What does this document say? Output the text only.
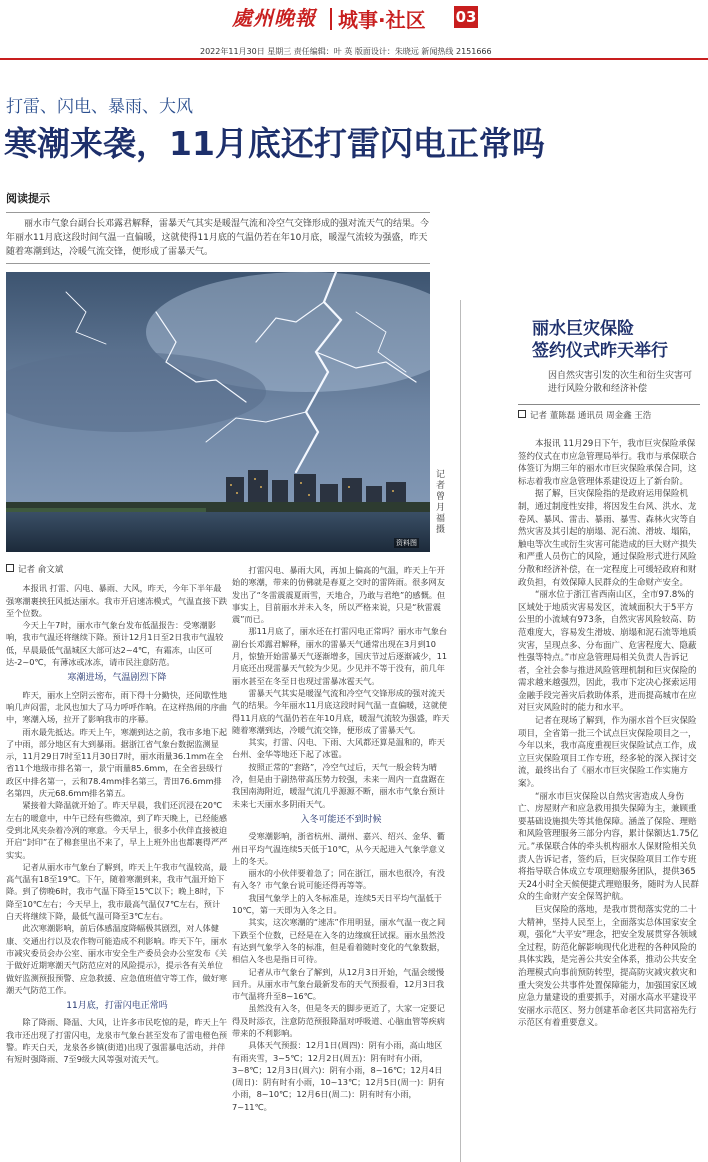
處州晚報 城事·社区 03
2022年11月30日 星期三 责任编辑：叶 英 版面设计：朱晓远 新闻热线 2151666
打雷、闪电、暴雨、大风
寒潮来袭，11月底还打雷闪电正常吗
阅读提示
丽水市气象台副台长邓露君解释，雷暴天气其实是暖湿气流和冷空气交锋形成的强对流天气的结果。今年丽水11月底这段时间气温一直偏暖，这就使得11月底的气温仍若在年10月底，暖湿气流较为强盛，昨天随着寒潮到达，冷暖气流交锋，便形成了雷暴天气。
资料图
记者 曾月福 摄
记者 俞文斌

本报讯 打雷、闪电、暴雨、大风，昨天，今年下半年最强寒潮裹挟狂风抵达丽水。我市开启速冻模式，气温直接下跌至个位数。

今天上午7时，丽水市气象台发布低温报告：受寒潮影响，我市气温还将继续下降。预计12月1日至2日我市气温较低，早晨最低气温城区大部可达2~4℃，有霜冻，山区可达-2~0℃，有薄冰或冰冻，请市民注意防范。

寒潮进场，气温剧烈下降

昨天，丽水上空阴云密布，雨下得十分勤快，还间歇性地响几声闷雷，北风也加大了马力呼呼作响。在这样热闹的序曲中，寒潮入场，拉开了影响我市的序幕。

雨水最先抵达。昨天上午，寒潮到达之前，我市多地下起了中雨，部分地区有大到暴雨。据浙江省气象台数据监测显示，11月29日7时至11月30日7时，丽水雨量36.1mm在全省11个地级市排名第一，景宁雨量85.6mm，在全省县级行政区中排名第一，云和78.4mm排名第三，青田76.6mm排名第四，庆元68.6mm排名第五。

紧接着大降温就开始了。昨天早晨，我们还沉浸在20℃左右的暖意中，中午已经有些微凉，到了昨天晚上，已经能感受到北风夹杂着冷冽的寒意。今天早上，很多小伙伴直接被迫开启“封印”在了棉套里出不来了，早上上班外出也都裹得严严实实。

记者从丽水市气象台了解到，昨天上午我市气温较高，最高气温有18至19℃。下午，随着寒潮到来，我市气温开始下降。到了傍晚6时，我市气温下降至15℃以下；晚上8时，下降至10℃左右；今天早上，我市最高气温仅7℃左右，预计白天将继续下降，最低气温可降至3℃左右。

此次寒潮影响，前后体感温度降幅极其剧烈，对人体健康、交通出行以及农作物可能造成不利影响。昨天下午，丽水市减灾委员会办公室、丽水市安全生产委员会办公室发布《关于做好近期寒潮天气防范应对的风险提示》，提示各有关单位做好监测预报预警、应急救援、应急值班值守等工作，做好寒潮天气防范工作。

11月底，打雷闪电正常吗

除了降雨、降温、大风，让许多市民吃惊的是，昨天上午我市还出现了打雷闪电，龙泉市气象台甚至发布了雷电橙色预警。昨天白天，龙泉各乡镇(街道)出现了强雷暴电活动，并伴有短时强降雨、7至9级大风等强对流天气。

打雷闪电、暴雨大风，再加上偏高的气温，昨天上午开始的寒潮，带来的仿佛就是春夏之交时的雷阵雨。很多网友发出了“冬雷震震夏雨雪，天地合，乃敢与君绝”的感慨。但事实上，目前丽水并未入冬，所以严格来说，只是“秋雷震震”而已。

那11月底了，丽水还在打雷闪电正常吗？丽水市气象台副台长邓露君解释，丽水的雷暴天气通常出现在3月到10月，惊蛰开始雷暴天气逐渐增多，国庆节过后逐渐减少，11月底还出现雷暴天气较为少见。少见并不等于没有，前几年丽水甚至在冬至日也现过雷暴冰雹天气。

雷暴天气其实是暖湿气流和冷空气交锋形成的强对流天气的结果。今年丽水11月底这段时间气温一直偏暖，这就使得11月底的气温仍若在年10月底，暖湿气流较为强盛，昨天随着寒潮到达，冷暖气流交锋，便形成了雷暴天气。

其实，打雷、闪电、下雨、大风都还算是温和的，昨天台州、金华等地还下起了冰雹。

按照正常的“套路”，冷空气过后，天气一般会转为晴冷，但是由于副热带高压势力较强，未来一周内一直盘踞在我国南海附近，暖湿气流几乎源源不断，丽水市气象台预计未来七天丽水多阴雨天气。

入冬可能还不到时候

受寒潮影响，浙省杭州、湖州、嘉兴、绍兴、金华、衢州日平均气温连续5天低于10℃，从今天起进入气象学意义上的冬天。

丽水的小伙伴要着急了；同在浙江，丽水也很冷，有没有入冬？市气象台说可能还得再等等。

我国气象学上的入冬标准是，连续5天日平均气温低于10℃，第一天即为入冬之日。

其实，这次寒潮的“速冻”作用明显，丽水气温一夜之间下跌至个位数，已经是在入冬的边缘疯狂试探。丽水虽然没有达到气象学入冬的标准，但是看着随时变化的气象数据，相信入冬也是指日可待。

记者从市气象台了解到，从12月3日开始，气温会缓慢回升。从丽水市气象台最新发布的天气预报看，12月3日我市气温将升至8~16℃。

虽然没有入冬，但是冬天的脚步更近了，大家一定要记得及时添衣，注意防范预报降温对呼吸道、心脑血管等疾病带来的不利影响。

具体天气预报：12月1日(周四)：阴有小雨，高山地区有雨夹雪，3~5℃；12月2日(周五)：阴有时有小雨，3~8℃；12月3日(周六)：阴有小雨，8~16℃；12月4日(周日)：阴有时有小雨，10~13℃；12月5日(周一)：阴有小雨，8~10℃；12月6日(周二)：阴有时有小雨，7~11℃。

丽水巨灾保险
签约仪式昨天举行
因自然灾害引发的次生和衍生灾害可进行风险分散和经济补偿
记者 董陈磊 通讯员 周金鑫 王浩

本报讯 11月29日下午，我市巨灾保险承保签约仪式在市应急管理局举行。我市与承保联合体签订为期三年的丽水市巨灾保险承保合同，这标志着我市应急管理体系建设迈上了新台阶。

据了解，巨灾保险指的是政府运用保险机制，通过制度性安排，将因发生台风、洪水、龙卷风、暴风、雷击、暴雨、暴雪、森林火灾等自然灾害及其引起的崩塌、泥石流、滑坡、塌陷，触电等次生或衍生灾害可能造成的巨大财产损失和严重人员伤亡的风险，通过保险形式进行风险分散和经济补偿，在一定程度上可缓轻政府和财政负担，有效保障人民群众的生命财产安全。

“丽水位于浙江省西南山区，全市97.8%的区域处于地质灾害易发区，流域面积大于5平方公里的小流域有973条，自然灾害风险较高、防范难度大，容易发生滑坡、崩塌和泥石流等地质灾害，呈现点多、分布面广、危害程度大、隐蔽性强等特点。”市应急管理局相关负责人告诉记者，全社会参与推进风险管理机制和巨灾保险的需求越来越强烈，因此，我市下定决心探索运用金融手段完善灾后救助体系，进而提高城市在应对巨灾风险时的能力和水平。

记者在现场了解到，作为丽水首个巨灾保险项目，全省第一批三个试点巨灾保险项目之一，今年以来，我市高度重视巨灾保险试点工作，成立巨灾保险项目工作专班，经多轮的深入探讨交流，最终出台了《丽水市巨灾保险工作实施方案》。

“丽水市巨灾保险以自然灾害造成人身伤亡、房屋财产和应急救用损失保障为主，兼顾重要基础设施损失等其他保障。涵盖了保险、理赔和风险管理服务三部分内容，累计保额达1.75亿元。”承保联合体的牵头机构丽水人保财险相关负责人告诉记者，签约后，巨灾保险项目工作专班将指导联合体成立专项理赔服务团队，提供365天24小时全天候便捷式理赔服务，随时为人民群众的生命财产安全保驾护航。

巨灾保险的落地，是我市贯彻落实党的二十大精神，坚持人民至上，全面落实总体国家安全观，强化“大平安”理念，把安全发展贯穿各领域全过程，防范化解影响现代化进程的各种风险的具体实践，是完善公共安全体系，推动公共安全治理模式向事前预防转型，提高防灾减灾救灾和重大突发公共事件处置保障能力，加强国家区域应急力量建设的重要抓手，对丽水高水平建设平安丽水示范区、努力创建革命老区共同富裕先行示范区有着重要意义。
